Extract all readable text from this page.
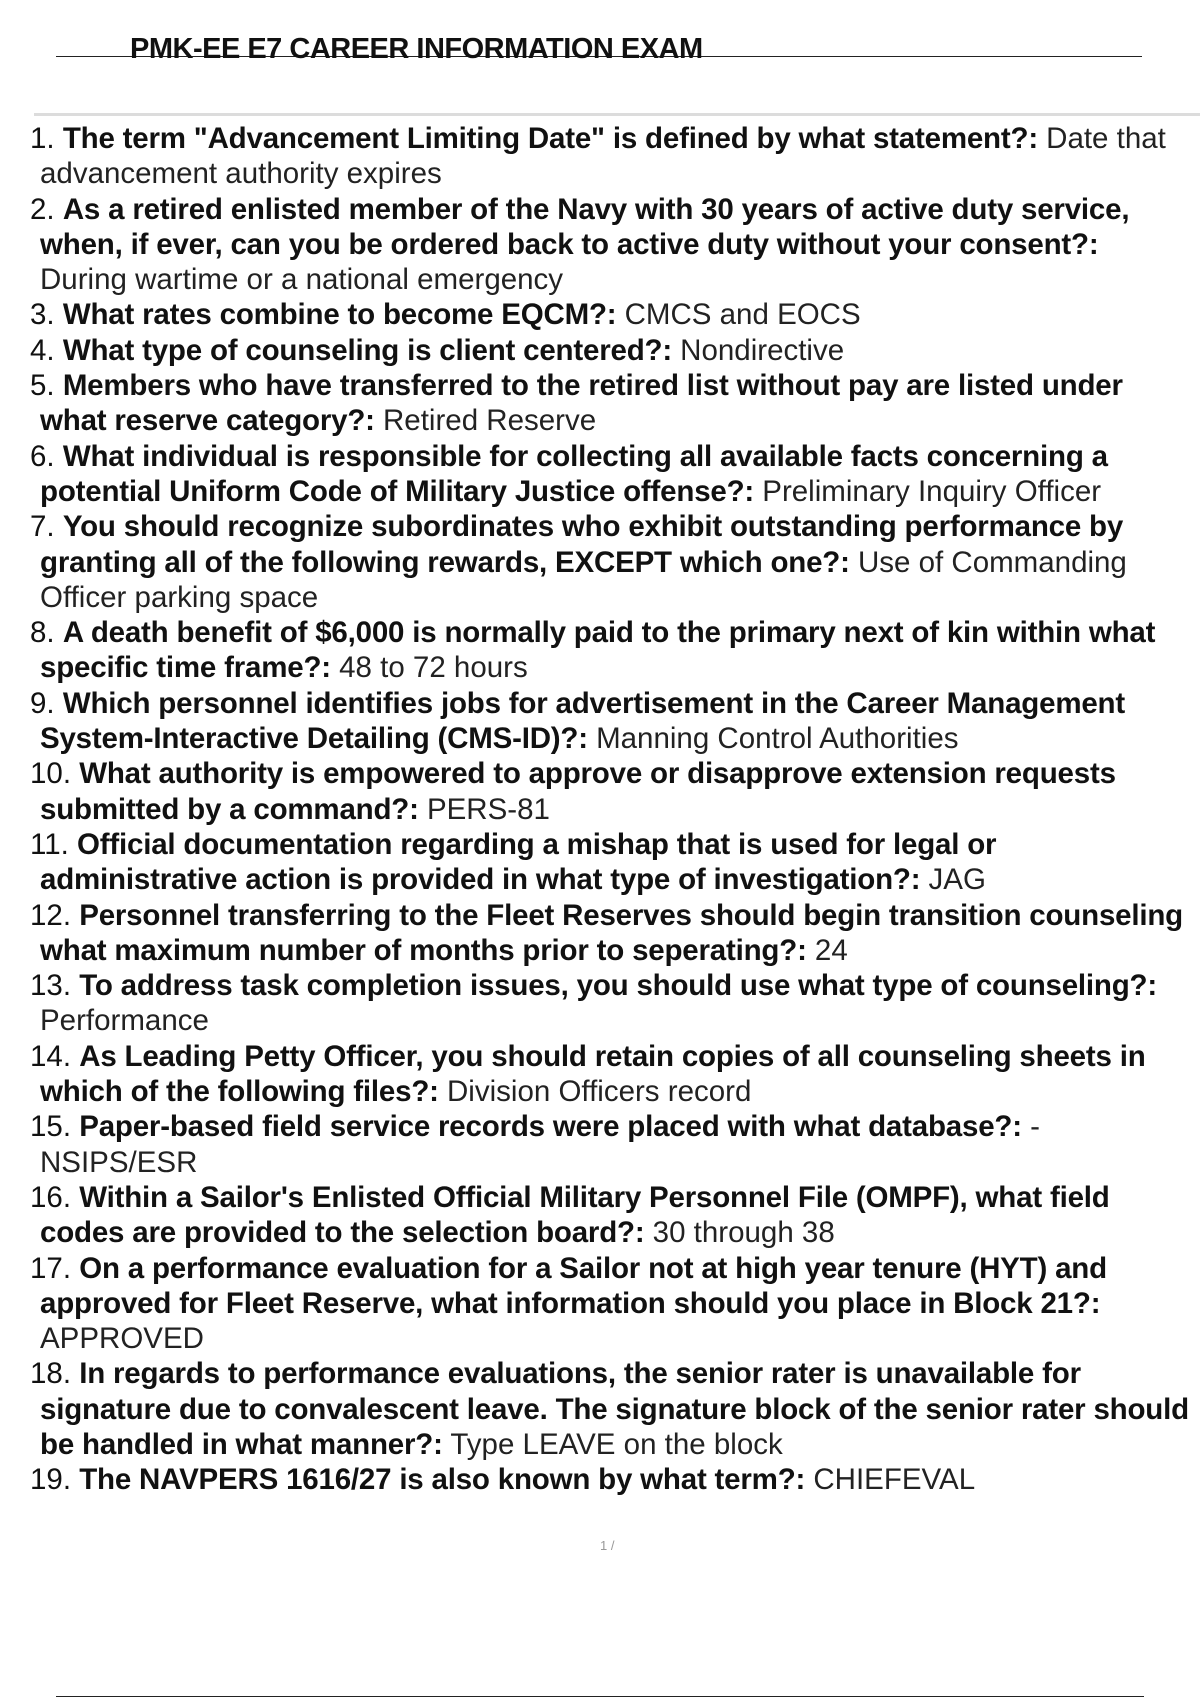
PMK-EE E7 CAREER INFORMATION EXAM
1. The term "Advancement Limiting Date" is defined by what statement?: Date that advancement authority expires
2. As a retired enlisted member of the Navy with 30 years of active duty service, when, if ever, can you be ordered back to active duty without your consent?: During wartime or a national emergency
3. What rates combine to become EQCM?: CMCS and EOCS
4. What type of counseling is client centered?: Nondirective
5. Members who have transferred to the retired list without pay are listed under what reserve category?: Retired Reserve
6. What individual is responsible for collecting all available facts concerning a potential Uniform Code of Military Justice offense?: Preliminary Inquiry Officer
7. You should recognize subordinates who exhibit outstanding performance by granting all of the following rewards, EXCEPT which one?: Use of Commanding Officer parking space
8. A death benefit of $6,000 is normally paid to the primary next of kin within what specific time frame?: 48 to 72 hours
9. Which personnel identifies jobs for advertisement in the Career Management System-Interactive Detailing (CMS-ID)?: Manning Control Authorities
10. What authority is empowered to approve or disapprove extension requests submitted by a command?: PERS-81
11. Official documentation regarding a mishap that is used for legal or administrative action is provided in what type of investigation?: JAG
12. Personnel transferring to the Fleet Reserves should begin transition counseling what maximum number of months prior to seperating?: 24
13. To address task completion issues, you should use what type of counseling?: Performance
14. As Leading Petty Officer, you should retain copies of all counseling sheets in which of the following files?: Division Officers record
15. Paper-based field service records were placed with what database?: - NSIPS/ESR
16. Within a Sailor's Enlisted Official Military Personnel File (OMPF), what field codes are provided to the selection board?: 30 through 38
17. On a performance evaluation for a Sailor not at high year tenure (HYT) and approved for Fleet Reserve, what information should you place in Block 21?: APPROVED
18. In regards to performance evaluations, the senior rater is unavailable for signature due to convalescent leave. The signature block of the senior rater should be handled in what manner?: Type LEAVE on the block
19. The NAVPERS 1616/27 is also known by what term?: CHIEFEVAL
1 /
